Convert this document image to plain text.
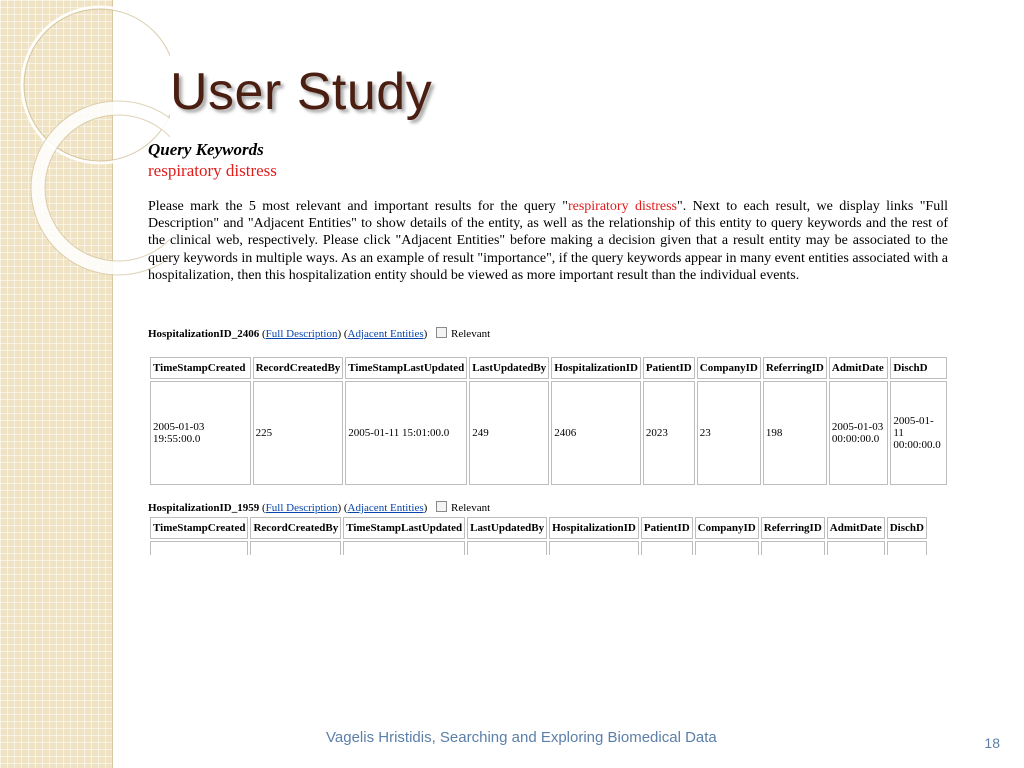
User Study
Query Keywords
respiratory distress
Please mark the 5 most relevant and important results for the query "respiratory distress". Next to each result, we display links "Full Description" and "Adjacent Entities" to show details of the entity, as well as the relationship of this entity to query keywords and the rest of the clinical web, respectively. Please click "Adjacent Entities" before making a decision given that a result entity may be associated to the query keywords in multiple ways. As an example of result "importance", if the query keywords appear in many event entities associated with a hospitalization, then this hospitalization entity should be viewed as more important result than the individual events.
HospitalizationID_2406 (Full Description) (Adjacent Entities) Relevant
TimeStampCreated	RecordCreatedBy	TimeStampLastUpdated	LastUpdatedBy	HospitalizationID	PatientID	CompanyID	ReferringID	AdmitDate	DischD
2005-01-03 19:55:00.0	225	2005-01-11 15:01:00.0	249	2406	2023	23	198	2005-01-03 00:00:00.0	2005-01-11 00:00:00.0
HospitalizationID_1959 (Full Description) (Adjacent Entities) Relevant
TimeStampCreated	RecordCreatedBy	TimeStampLastUpdated	LastUpdatedBy	HospitalizationID	PatientID	CompanyID	ReferringID	AdmitDate	DischD

Vagelis Hristidis, Searching and Exploring Biomedical Data	18
